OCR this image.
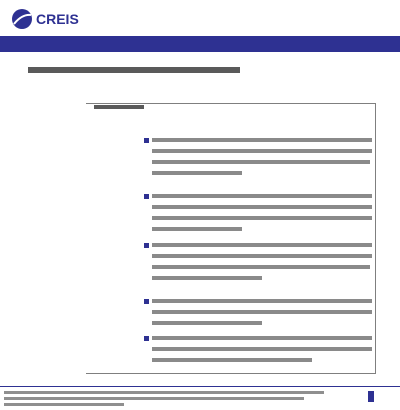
CREIS
